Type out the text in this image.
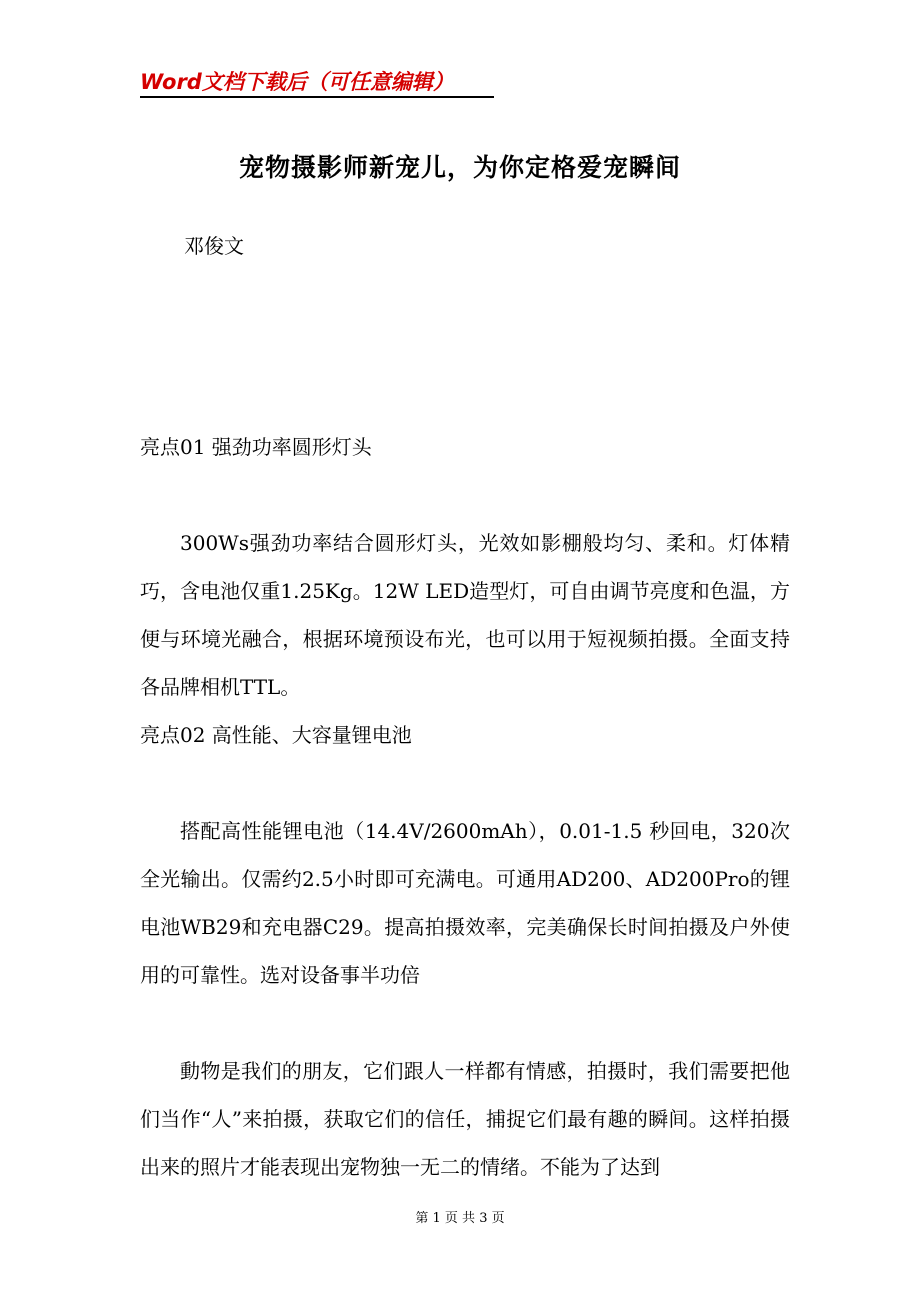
Word文档下载后（可任意编辑）
宠物摄影师新宠儿，为你定格爱宠瞬间
邓俊文

亮点01 强劲功率圆形灯头

300Ws强劲功率结合圆形灯头，光效如影棚般均匀、柔和。灯体精巧，含电池仅重1.25Kg。12W LED造型灯，可自由调节亮度和色温，方便与环境光融合，根据环境预设布光，也可以用于短视频拍摄。全面支持各品牌相机TTL。

亮点02 高性能、大容量锂电池

搭配高性能锂电池（14.4V/2600mAh），0.01-1.5 秒回电，320次全光输出。仅需约2.5小时即可充满电。可通用AD200、AD200Pro的锂电池WB29和充电器C29。提高拍摄效率，完美确保长时间拍摄及户外使用的可靠性。选对设备事半功倍

動物是我们的朋友，它们跟人一样都有情感，拍摄时，我们需要把他们当作“人”来拍摄，获取它们的信任，捕捉它们最有趣的瞬间。这样拍摄出来的照片才能表现出宠物独一无二的情绪。不能为了达到

第 1 页 共 3 页
